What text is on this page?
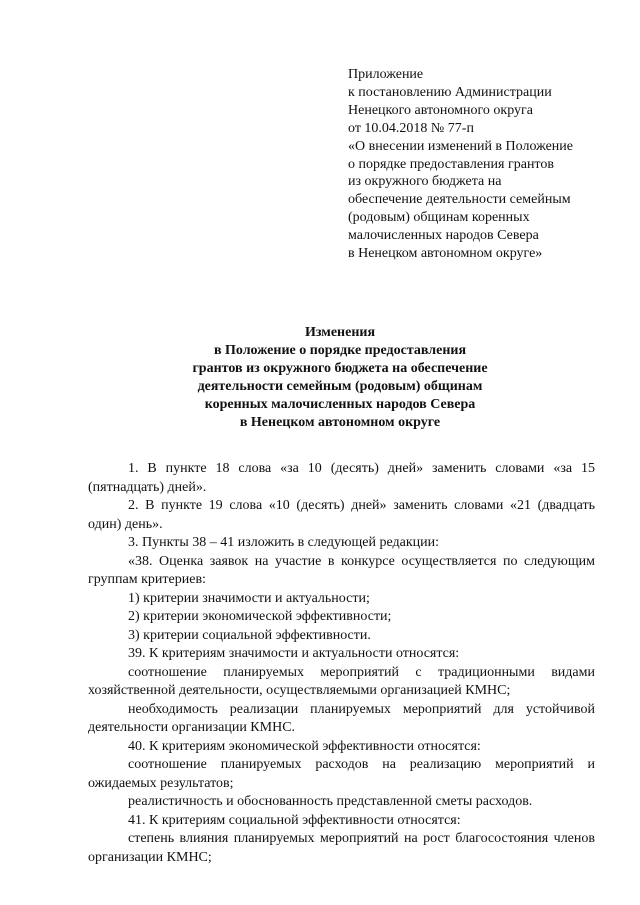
Приложение
к постановлению Администрации
Ненецкого автономного округа
от 10.04.2018 № 77-п
«О внесении изменений в Положение
о порядке предоставления грантов
из окружного бюджета на
обеспечение деятельности семейным
(родовым) общинам коренных
малочисленных народов Севера
в Ненецком автономном округе»
Изменения
в Положение о порядке предоставления
грантов из окружного бюджета на обеспечение
деятельности семейным (родовым) общинам
коренных малочисленных народов Севера
в Ненецком автономном округе
1. В пункте 18 слова «за 10 (десять) дней» заменить словами «за 15 (пятнадцать) дней».
2. В пункте 19 слова «10 (десять) дней» заменить словами «21 (двадцать один) день».
3. Пункты 38 – 41 изложить в следующей редакции:
«38. Оценка заявок на участие в конкурсе осуществляется по следующим группам критериев:
1) критерии значимости и актуальности;
2) критерии экономической эффективности;
3) критерии социальной эффективности.
39. К критериям значимости и актуальности относятся:
соотношение планируемых мероприятий с традиционными видами хозяйственной деятельности, осуществляемыми организацией КМНС;
необходимость реализации планируемых мероприятий для устойчивой деятельности организации КМНС.
40. К критериям экономической эффективности относятся:
соотношение планируемых расходов на реализацию мероприятий и ожидаемых результатов;
реалистичность и обоснованность представленной сметы расходов.
41. К критериям социальной эффективности относятся:
степень влияния планируемых мероприятий на рост благосостояния членов организации КМНС;
